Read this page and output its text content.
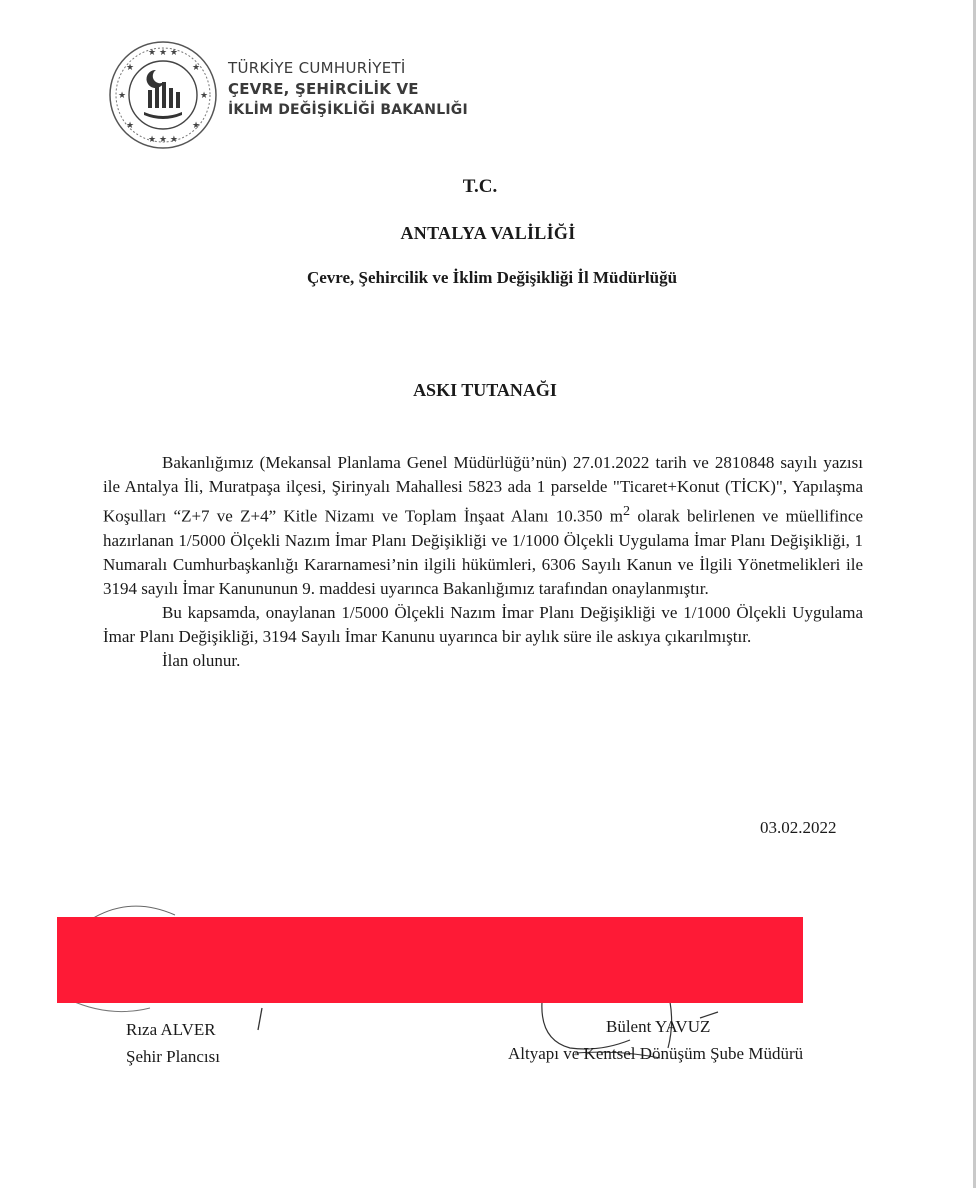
★ ★ ★
★ ★ ★
★	★
★	★
★	★
TÜRKİYE CUMHURİYETİ
ÇEVRE, ŞEHİRCİLİK VE
İKLİM DEĞİŞİKLİĞİ BAKANLIĞI
T.C.
ANTALYA VALİLİĞİ
Çevre, Şehircilik ve İklim Değişikliği İl Müdürlüğü
ASKI TUTANAĞI

Bakanlığımız (Mekansal Planlama Genel Müdürlüğü’nün) 27.01.2022 tarih ve 2810848 sayılı yazısı ile Antalya İli, Muratpaşa ilçesi, Şirinyalı Mahallesi 5823 ada 1 parselde "Ticaret+Konut (TİCK)", Yapılaşma Koşulları “Z+7 ve Z+4” Kitle Nizamı ve Toplam İnşaat Alanı 10.350 $m^2$ olarak belirlenen ve müellifince hazırlanan 1/5000 Ölçekli Nazım İmar Planı Değişikliği ve 1/1000 Ölçekli Uygulama İmar Planı Değişikliği, 1 Numaralı Cumhurbaşkanlığı Kararnamesi’nin ilgili hükümleri, 6306 Sayılı Kanun ve İlgili Yönetmelikleri ile 3194 sayılı İmar Kanununun 9. maddesi uyarınca Bakanlığımız tarafından onaylanmıştır.

Bu kapsamda, onaylanan 1/5000 Ölçekli Nazım İmar Planı Değişikliği ve 1/1000 Ölçekli Uygulama İmar Planı Değişikliği, 3194 Sayılı İmar Kanunu uyarınca bir aylık süre ile askıya çıkarılmıştır.

İlan olunur.

03.02.2022
Rıza ALVER
Şehir Plancısı
Bülent YAVUZ
Altyapı ve Kentsel Dönüşüm Şube Müdürü
